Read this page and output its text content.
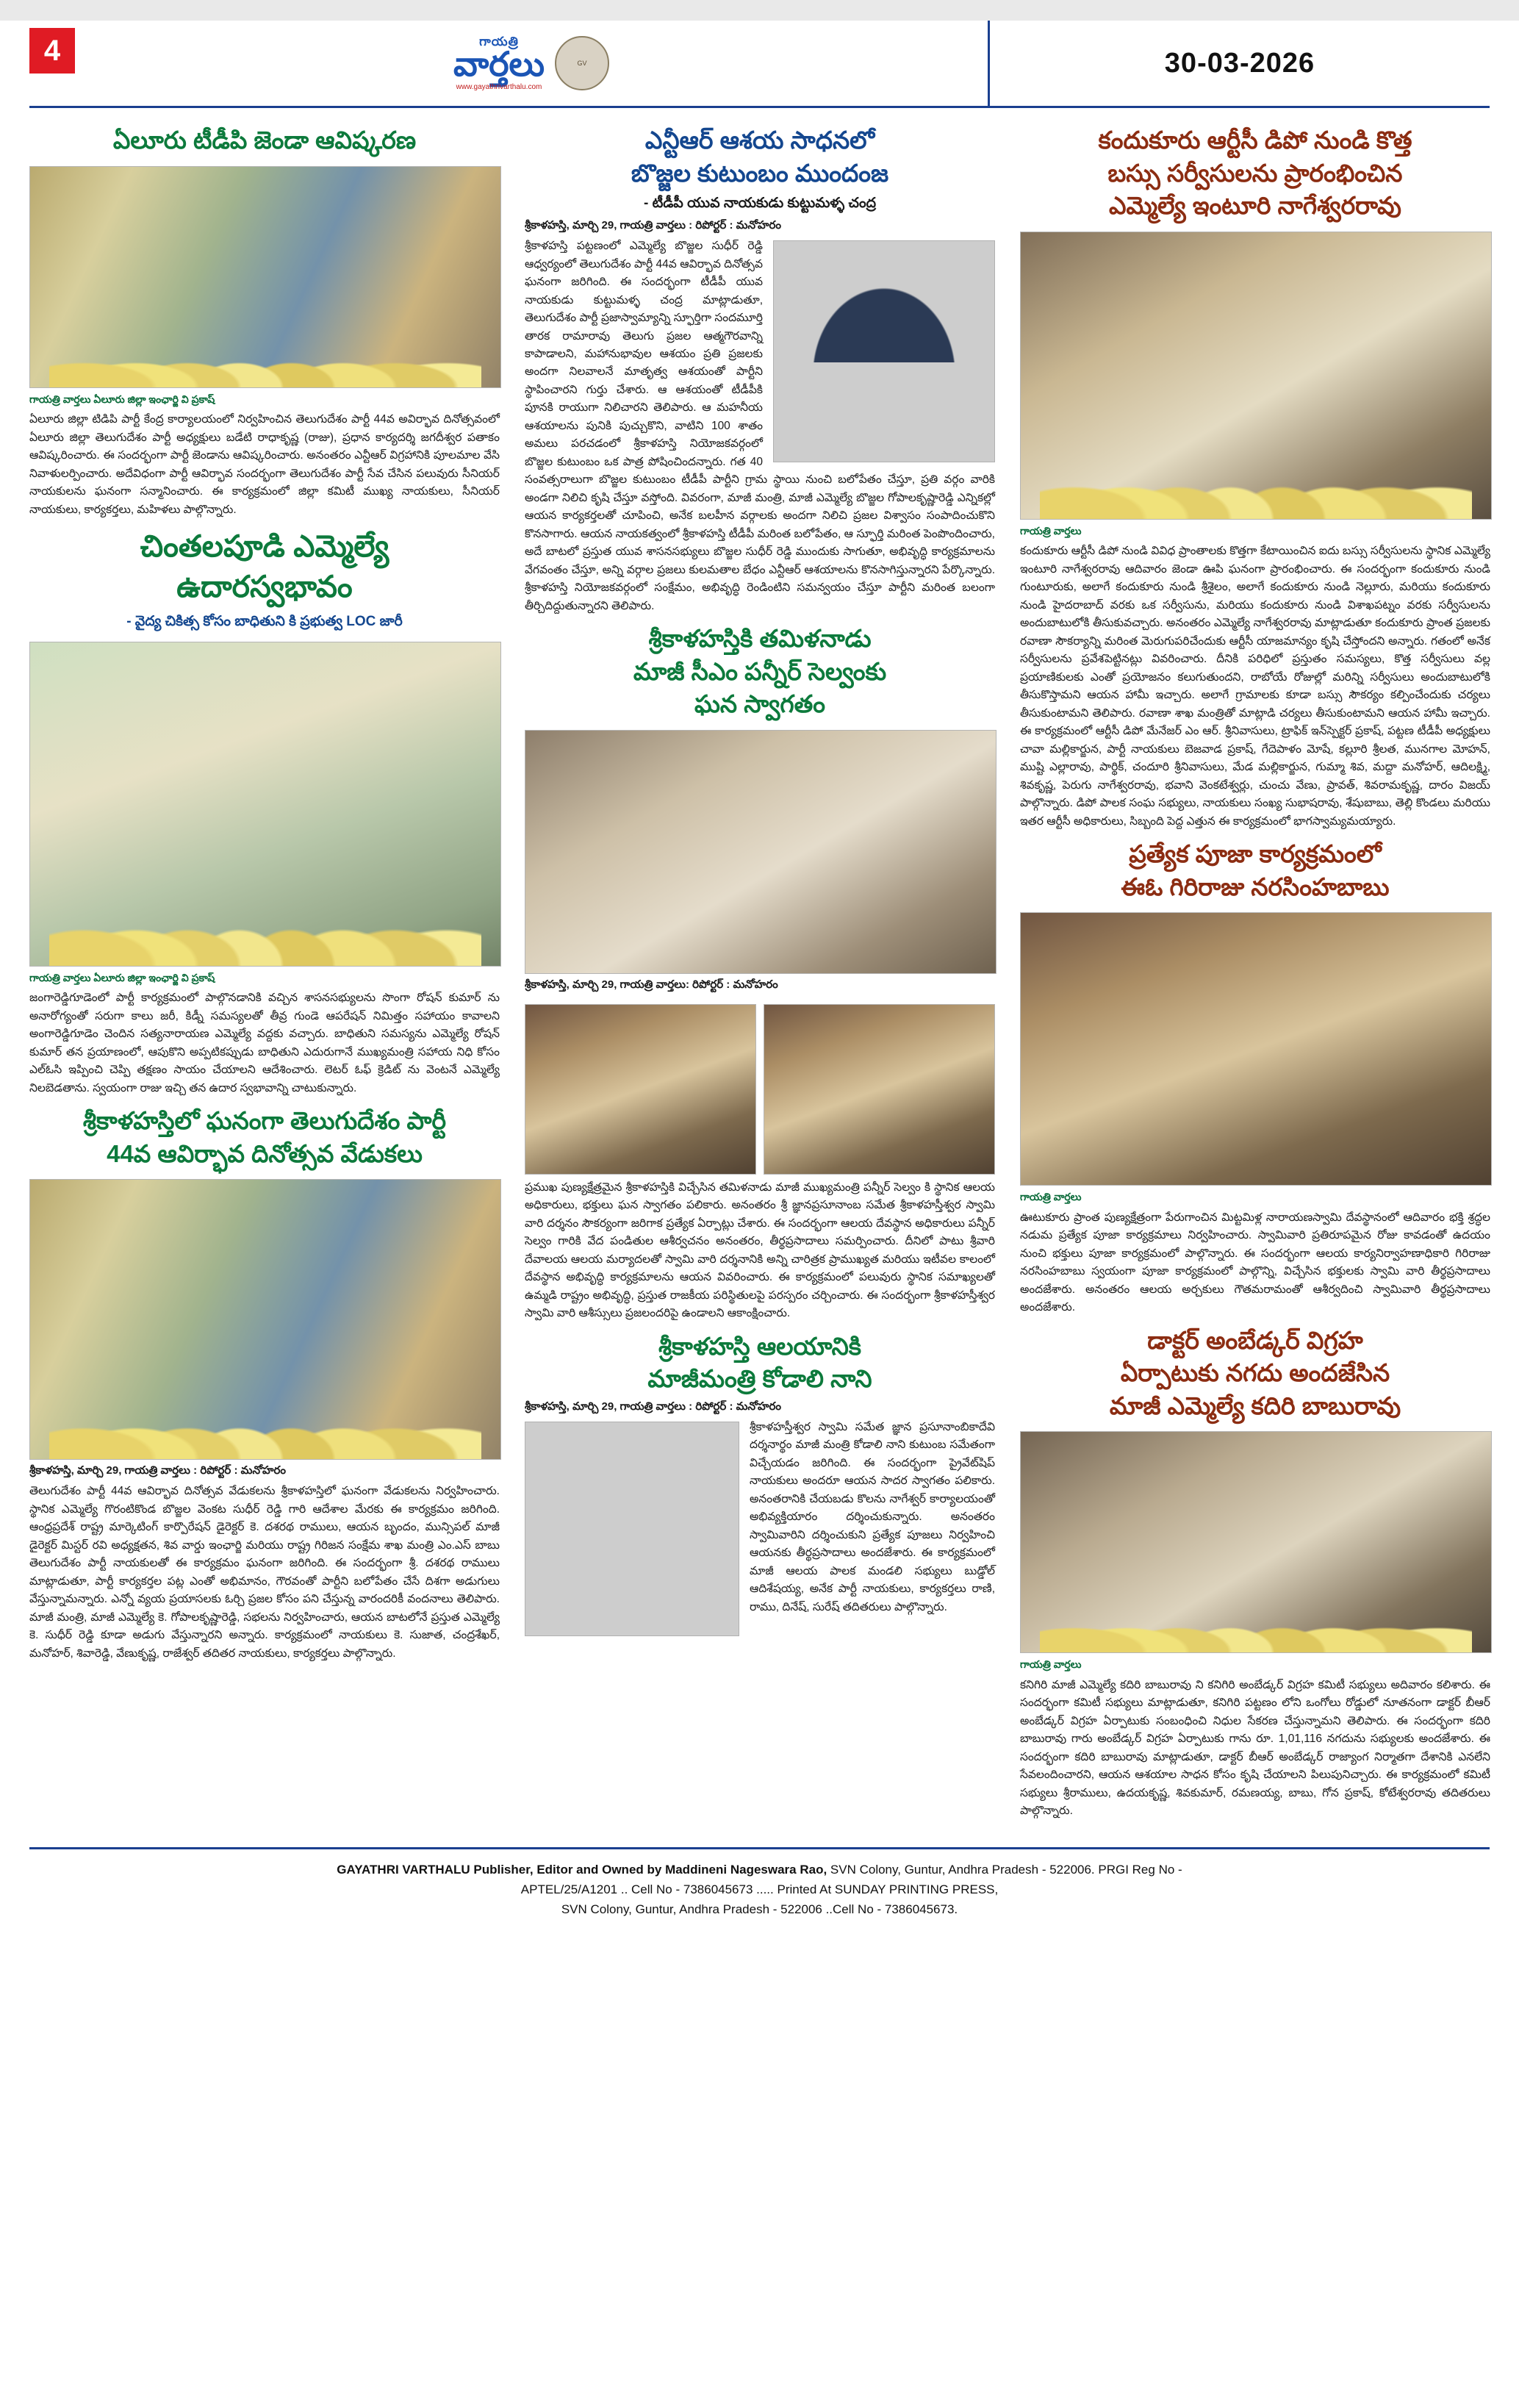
4	గాయత్రి
వార్తలు
www.gayathrivarthalu.com
GV	30-03-2026
ఏలూరు టీడీపి జెండా ఆవిష్కరణ
గాయత్రి వార్తలు ఏలూరు జిల్లా ఇంఛార్జి వి ప్రకాష్

ఏలూరు జిల్లా టిడిపి పార్టీ కేంద్ర కార్యాలయంలో నిర్వహించిన తెలుగుదేశం పార్టీ 44వ అవిర్భావ దినోత్సవంలో ఏలూరు జిల్లా తెలుగుదేశం పార్టీ అధ్యక్షులు బడేటి రాధాకృష్ణ (రాజు), ప్రధాన కార్యదర్శి జగదీశ్వర పతాకం ఆవిష్కరించారు. ఈ సందర్భంగా పార్టీ జెండాను ఆవిష్కరించారు. అనంతరం ఎన్టీఆర్ విగ్రహానికి పూలమాల వేసి నివాళులర్పించారు. అదేవిధంగా పార్టీ ఆవిర్భావ సందర్భంగా తెలుగుదేశం పార్టీ సేవ చేసిన పలువురు సీనియర్ నాయకులను ఘనంగా సన్మానించారు. ఈ కార్యక్రమంలో జిల్లా కమిటీ ముఖ్య నాయకులు, సీనియర్ నాయకులు, కార్యకర్తలు, మహిళలు పాల్గొన్నారు.

చింతలపూడి ఎమ్మెల్యే
ఉదారస్వభావం
- వైద్య చికిత్స కోసం బాధితుని కి ప్రభుత్వ LOC జారీ
గాయత్రి వార్తలు ఏలూరు జిల్లా ఇంఛార్జి వి ప్రకాష్

జంగారెడ్డిగూడెంలో పార్టీ కార్యక్రమంలో పాల్గొనడానికి వచ్చిన శాసనసభ్యులను సొంగా రోషన్ కుమార్ ను అనారోగ్యంతో సరుగా కాలు జరీ, కిడ్నీ సమస్యలతో తీవ్ర గుండె ఆపరేషన్ నిమిత్తం సహాయం కావాలని అంగారెడ్డిగూడెం చెందిన సత్యనారాయణ ఎమ్మెల్యే వద్దకు వచ్చారు. బాధితుని సమస్యను ఎమ్మెల్యే రోషన్ కుమార్ తన ప్రయాణంలో, ఆపుకొని అప్పటికప్పుడు బాధితుని ఎదురుగానే ముఖ్యమంత్రి సహాయ నిధి కోసం ఎల్‌ఓసి ఇప్పించి చెప్పి తక్షణం సాయం చేయాలని ఆదేశించారు. లెటర్ ఓఫ్ క్రెడిట్ ను వెంటనే ఎమ్మెల్యే నిలబెడతాను. స్వయంగా రాజు ఇచ్చి తన ఉదార స్వభావాన్ని చాటుకున్నారు.

శ్రీకాళహస్తిలో ఘనంగా తెలుగుదేశం పార్టీ
44వ ఆవిర్భావ దినోత్సవ వేడుకలు
శ్రీకాళహస్తి, మార్చి 29, గాయత్రి వార్తలు : రిపోర్టర్ : మనోహరం

తెలుగుదేశం పార్టీ 44వ ఆవిర్భావ దినోత్సవ వేడుకలను శ్రీకాళహస్తిలో ఘనంగా వేడుకలను నిర్వహించారు. స్థానిక ఎమ్మెల్యే గొరంటికొండ బొజ్జల వెంకట సుధీర్ రెడ్డి గారి ఆదేశాల మేరకు ఈ కార్యక్రమం జరిగింది. ఆంధ్రప్రదేశ్ రాష్ట్ర మార్కెటింగ్ కార్పొరేషన్ డైరెక్టర్ కె. దశరథ రాములు, ఆయన బృందం, మున్సిపల్ మాజీ డైరెక్టర్ మిస్టర్ రవి అధ్యక్షతన, శివ వార్డు ఇంఛార్జి మరియు రాష్ట్ర గిరిజన సంక్షేమ శాఖ మంత్రి ఎం.ఎస్ బాబు తెలుగుదేశం పార్టీ నాయకులతో ఈ కార్యక్రమం ఘనంగా జరిగింది. ఈ సందర్భంగా శ్రీ. దశరథ రాములు మాట్లాడుతూ, పార్టీ కార్యకర్తల పట్ల ఎంతో అభిమానం, గౌరవంతో పార్టీని బలోపేతం చేసే దిశగా అడుగులు వేస్తున్నామన్నారు. ఎన్నో వ్యయ ప్రయాసలకు ఓర్చి ప్రజల కోసం పని చేస్తున్న వారందరికీ వందనాలు తెలిపారు. మాజీ మంత్రి, మాజీ ఎమ్మెల్యే కె. గోపాలకృష్ణారెడ్డి, సభలను నిర్వహించారు, ఆయన బాటలోనే ప్రస్తుత ఎమ్మెల్యే కె. సుధీర్ రెడ్డి కూడా అడుగు వేస్తున్నారని అన్నారు. కార్యక్రమంలో నాయకులు కె. సుజాత, చంద్రశేఖర్, మనోహర్, శివారెడ్డి, వేణుకృష్ణ, రాజేశ్వర్ తదితర నాయకులు, కార్యకర్తలు పాల్గొన్నారు.

ఎన్టీఆర్ ఆశయ సాధనలో
బొజ్జల కుటుంబం ముందంజ
- టీడీపీ యువ నాయకుడు కుట్టుమళ్ళ చంద్ర
శ్రీకాళహస్తి, మార్చి 29, గాయత్రి వార్తలు : రిపోర్టర్ : మనోహరం

శ్రీకాళహస్తి పట్టణంలో ఎమ్మెల్యే బొజ్జల సుధీర్ రెడ్డి ఆధ్వర్యంలో తెలుగుదేశం పార్టీ 44వ ఆవిర్భావ దినోత్సవ ఘనంగా జరిగింది. ఈ సందర్భంగా టీడీపీ యువ నాయకుడు కుట్టుమళ్ళ చంద్ర మాట్లాడుతూ, తెలుగుదేశం పార్టీ ప్రజాస్వామ్యాన్ని స్ఫూర్తిగా సందమూర్తి తారక రామారావు తెలుగు ప్రజల ఆత్మగౌరవాన్ని కాపాడాలని, మహానుభావుల ఆశయం ప్రతి ప్రజలకు అందగా నిలవాలనే మాతృత్వ ఆశయంతో పార్టీని స్థాపించారని గుర్తు చేశారు. ఆ ఆశయంతో టీడీపీకి పూనకి రాయుగా నిలిచారని తెలిపారు. ఆ మహనీయ ఆశయాలను పునికి పుచ్చుకొని, వాటిని 100 శాతం అమలు పరచడంలో శ్రీకాళహస్తి నియోజకవర్గంలో బొజ్జల కుటుంబం ఒక పాత్ర పోషించిందన్నారు. గత 40 సంవత్సరాలుగా బొజ్జల కుటుంబం టీడీపీ పార్టీని గ్రామ స్థాయి నుంచి బలోపేతం చేస్తూ, ప్రతి వర్గం వారికి అండగా నిలిచి కృషి చేస్తూ వస్తోంది. వివరంగా, మాజీ మంత్రి, మాజీ ఎమ్మెల్యే బొజ్జల గోపాలకృష్ణారెడ్డి ఎన్నికల్లో ఆయన కార్యకర్తలతో చూపించి, అనేక బలహీన వర్గాలకు అందగా నిలిచి ప్రజల విశ్వాసం సంపాదించుకొని కొనసాగారు. ఆయన నాయకత్వంలో శ్రీకాళహస్తి టీడీపీ మరింత బలోపేతం, ఆ స్ఫూర్తి మరింత పెంపొందించారు, అదే బాటలో ప్రస్తుత యువ శాసనసభ్యులు బొజ్జల సుధీర్ రెడ్డి ముందుకు సాగుతూ, అభివృద్ధి కార్యక్రమాలను వేగవంతం చేస్తూ, అన్ని వర్గాల ప్రజలు కులమతాల బేధం ఎన్టీఆర్ ఆశయాలను కొనసాగిస్తున్నారని పేర్కొన్నారు. శ్రీకాళహస్తి నియోజకవర్గంలో సంక్షేమం, అభివృద్ధి రెండింటిని సమన్వయం చేస్తూ పార్టీని మరింత బలంగా తీర్చిదిద్దుతున్నారని తెలిపారు.

శ్రీకాళహస్తికి తమిళనాడు
మాజీ సీఎం పన్నీర్ సెల్వంకు
ఘన స్వాగతం
శ్రీకాళహస్తి, మార్చి 29, గాయత్రి వార్తలు: రిపోర్టర్ : మనోహరం

ప్రముఖ పుణ్యక్షేత్రమైన శ్రీకాళహస్తికి విచ్చేసిన తమిళనాడు మాజీ ముఖ్యమంత్రి పన్నీర్ సెల్వం కి స్థానిక ఆలయ అధికారులు, భక్తులు ఘన స్వాగతం పలికారు. అనంతరం శ్రీ జ్ఞానప్రసూనాంబ సమేత శ్రీకాళహస్తీశ్వర స్వామి వారి దర్శనం సౌకర్యంగా జరిగాక ప్రత్యేక ఏర్పాట్లు చేశారు. ఈ సందర్భంగా ఆలయ దేవస్థాన అధికారులు పన్నీర్ సెల్వం గారికి వేద పండితుల ఆశీర్వచనం అనంతరం, తీర్థప్రసాదాలు సమర్పించారు. దీనిలో పాటు శ్రీవారి దేవాలయ ఆలయ మర్యాదలతో స్వామి వారి దర్శనానికి అన్ని చారిత్రక ప్రాముఖ్యత మరియు ఇటీవల కాలంలో దేవస్థాన అభివృద్ధి కార్యక్రమాలను ఆయన వివరించారు. ఈ కార్యక్రమంలో పలువురు స్థానిక సమాఖ్యలతో ఉమ్మడి రాష్ట్రం అభివృద్ధి, ప్రస్తుత రాజకీయ పరిస్థితులపై పరస్పరం చర్చించారు. ఈ సందర్భంగా శ్రీకాళహస్తీశ్వర స్వామి వారి ఆశీస్సులు ప్రజలందరిపై ఉండాలని ఆకాంక్షించారు.

శ్రీకాళహస్తి ఆలయానికి
మాజీమంత్రి కోడాలి నాని
శ్రీకాళహస్తి, మార్చి 29, గాయత్రి వార్తలు : రిపోర్టర్ : మనోహరం

శ్రీకాళహస్తీశ్వర స్వామి సమేత జ్ఞాన ప్రసూనాంబికాదేవి దర్శనార్థం మాజీ మంత్రి కోడాలి నాని కుటుంబ సమేతంగా విచ్చేయడం జరిగింది. ఈ సందర్భంగా ప్రైవేట్‌షిప్ నాయకులు అందరూ ఆయన సాదర స్వాగతం పలికారు. అనంతరానికి చేయబడు కొలను నాగేశ్వర్ కార్యాలయంతో అభివ్యక్తియారం దర్శించుకున్నారు. అనంతరం స్వామివారిని దర్శించుకుని ప్రత్యేక పూజలు నిర్వహించి ఆయనకు తీర్థప్రసాదాలు అందజేశారు. ఈ కార్యక్రమంలో మాజీ ఆలయ పాలక మండలి సభ్యులు బుడ్డోల్ ఆదిశేషయ్య, అనేక పార్టీ నాయకులు, కార్యకర్తలు రాణి, రాము, దినేష్, సురేష్ తదితరులు పాల్గొన్నారు.

కందుకూరు ఆర్టీసీ డిపో నుండి కొత్త
బస్సు సర్వీసులను ప్రారంభించిన
ఎమ్మెల్యే ఇంటూరి నాగేశ్వరరావు
గాయత్రి వార్తలు

కందుకూరు ఆర్టీసీ డిపో నుండి వివిధ ప్రాంతాలకు కొత్తగా కేటాయించిన ఐదు బస్సు సర్వీసులను స్థానిక ఎమ్మెల్యే ఇంటూరి నాగేశ్వరరావు ఆదివారం జెండా ఊపి ఘనంగా ప్రారంభించారు. ఈ సందర్భంగా కందుకూరు నుండి గుంటూరుకు, అలాగే కందుకూరు నుండి శ్రీశైలం, అలాగే కందుకూరు నుండి నెల్లూరు, మరియు కందుకూరు నుండి హైదరాబాద్ వరకు ఒక సర్వీసును, మరియు కందుకూరు నుండి విశాఖపట్నం వరకు సర్వీసులను అందుబాటులోకి తీసుకువచ్చారు. అనంతరం ఎమ్మెల్యే నాగేశ్వరరావు మాట్లాడుతూ కందుకూరు ప్రాంత ప్రజలకు రవాణా సౌకర్యాన్ని మరింత మెరుగుపరిచేందుకు ఆర్టీసీ యాజమాన్యం కృషి చేస్తోందని అన్నారు. గతంలో అనేక సర్వీసులను ప్రవేశపెట్టినట్లు వివరించారు. దీనికి పరిధిలో ప్రస్తుతం సమస్యలు, కొత్త సర్వీసులు వల్ల ప్రయాణికులకు ఎంతో ప్రయోజనం కలుగుతుందని, రాబోయే రోజుల్లో మరిన్ని సర్వీసులు అందుబాటులోకి తీసుకొస్తామని ఆయన హామీ ఇచ్చారు. అలాగే గ్రామాలకు కూడా బస్సు సౌకర్యం కల్పించేందుకు చర్యలు తీసుకుంటామని తెలిపారు. రవాణా శాఖ మంత్రితో మాట్లాడి చర్యలు తీసుకుంటామని ఆయన హామీ ఇచ్చారు. ఈ కార్యక్రమంలో ఆర్టీసీ డిపో మేనేజర్ ఎం ఆర్. శ్రీనివాసులు, ట్రాఫిక్ ఇన్‌స్పెక్టర్ ప్రకాష్, పట్టణ టీడీపీ అధ్యక్షులు చావా మల్లికార్జున, పార్టీ నాయకులు బెజవాడ ప్రకాష్, గేదెపాళం మోషే, కల్లూరి శ్రీలత, మునగాల మోహన్, ముష్టి ఎల్లారావు, పార్థిక్, చందూరి శ్రీనివాసులు, మేడ మల్లికార్జున, గుమ్మా శివ, మద్దా మనోహర్, ఆదిలక్ష్మి, శివకృష్ణ, పెరుగు నాగేశ్వరరావు, భవాని వెంకటేశ్వర్లు, చుంచు వేణు, ప్రావత్, శివరామకృష్ణ, దారం విజయ్ పాల్గొన్నారు. డిపో పాలక సంఘ సభ్యులు, నాయకులు సంఖ్య సుభాషరావు, శేషుబాబు, తెల్లి కొండలు మరియు ఇతర ఆర్టీసీ అధికారులు, సిబ్బంది పెద్ద ఎత్తున ఈ కార్యక్రమంలో భాగస్వామ్యమయ్యారు.

ప్రత్యేక పూజా కార్యక్రమంలో
ఈఓ గిరిరాజు నరసింహబాబు
గాయత్రి వార్తలు

ఊటుకూరు ప్రాంత పుణ్యక్షేత్రంగా పేరుగాంచిన మిట్టమిళ్ల నారాయణస్వామి దేవస్థానంలో ఆదివారం భక్తి శ్రద్ధల నడుమ ప్రత్యేక పూజా కార్యక్రమాలు నిర్వహించారు. స్వామివారి ప్రతిరూపమైన రోజు కావడంతో ఉదయం నుంచి భక్తులు పూజా కార్యక్రమంలో పాల్గొన్నారు. ఈ సందర్భంగా ఆలయ కార్యనిర్వాహణాధికారి గిరిరాజు నరసింహబాబు స్వయంగా పూజా కార్యక్రమంలో పాల్గొన్ని, విచ్చేసిన భక్తులకు స్వామి వారి తీర్థప్రసాదాలు అందజేశారు. అనంతరం ఆలయ అర్చకులు గౌతమరామంతో ఆశీర్వదించి స్వామివారి తీర్థప్రసాదాలు అందజేశారు.

డాక్టర్ అంబేడ్కర్ విగ్రహ
ఏర్పాటుకు నగదు అందజేసిన
మాజీ ఎమ్మెల్యే కదిరి బాబురావు
గాయత్రి వార్తలు

కనిగిరి మాజీ ఎమ్మెల్యే కదిరి బాబురావు ని కనిగిరి అంబేడ్కర్ విగ్రహ కమిటీ సభ్యులు అదివారం కలిశారు. ఈ సందర్భంగా కమిటీ సభ్యులు మాట్లాడుతూ, కనిగిరి పట్టణం లోని ఒంగోలు రోడ్డులో నూతనంగా డాక్టర్ బీఆర్ అంబేడ్కర్ విగ్రహ ఏర్పాటుకు సంబంధించి నిధుల సేకరణ చేస్తున్నామని తెలిపారు. ఈ సందర్భంగా కదిరి బాబురావు గారు అంబేడ్కర్ విగ్రహ ఏర్పాటుకు గాను రూ. 1,01,116 నగదును సభ్యులకు అందజేశారు. ఈ సందర్భంగా కదిరి బాబురావు మాట్లాడుతూ, డాక్టర్ బీఆర్ అంబేడ్కర్ రాజ్యాంగ నిర్మాతగా దేశానికి ఎనలేని సేవలందించారని, ఆయన ఆశయాల సాధన కోసం కృషి చేయాలని పిలుపునిచ్చారు. ఈ కార్యక్రమంలో కమిటీ సభ్యులు శ్రీరాములు, ఉదయకృష్ణ, శివకుమార్, రమణయ్య, బాబు, గోన ప్రకాష్, కోటేశ్వరరావు తదితరులు పాల్గొన్నారు.

GAYATHRI VARTHALU Publisher, Editor and Owned by Maddineni Nageswara Rao, SVN Colony, Guntur, Andhra Pradesh - 522006. PRGI Reg No -
APTEL/25/A1201 .. Cell No - 7386045673 ..... Printed At SUNDAY PRINTING PRESS,
SVN Colony, Guntur, Andhra Pradesh - 522006 ..Cell No - 7386045673.
